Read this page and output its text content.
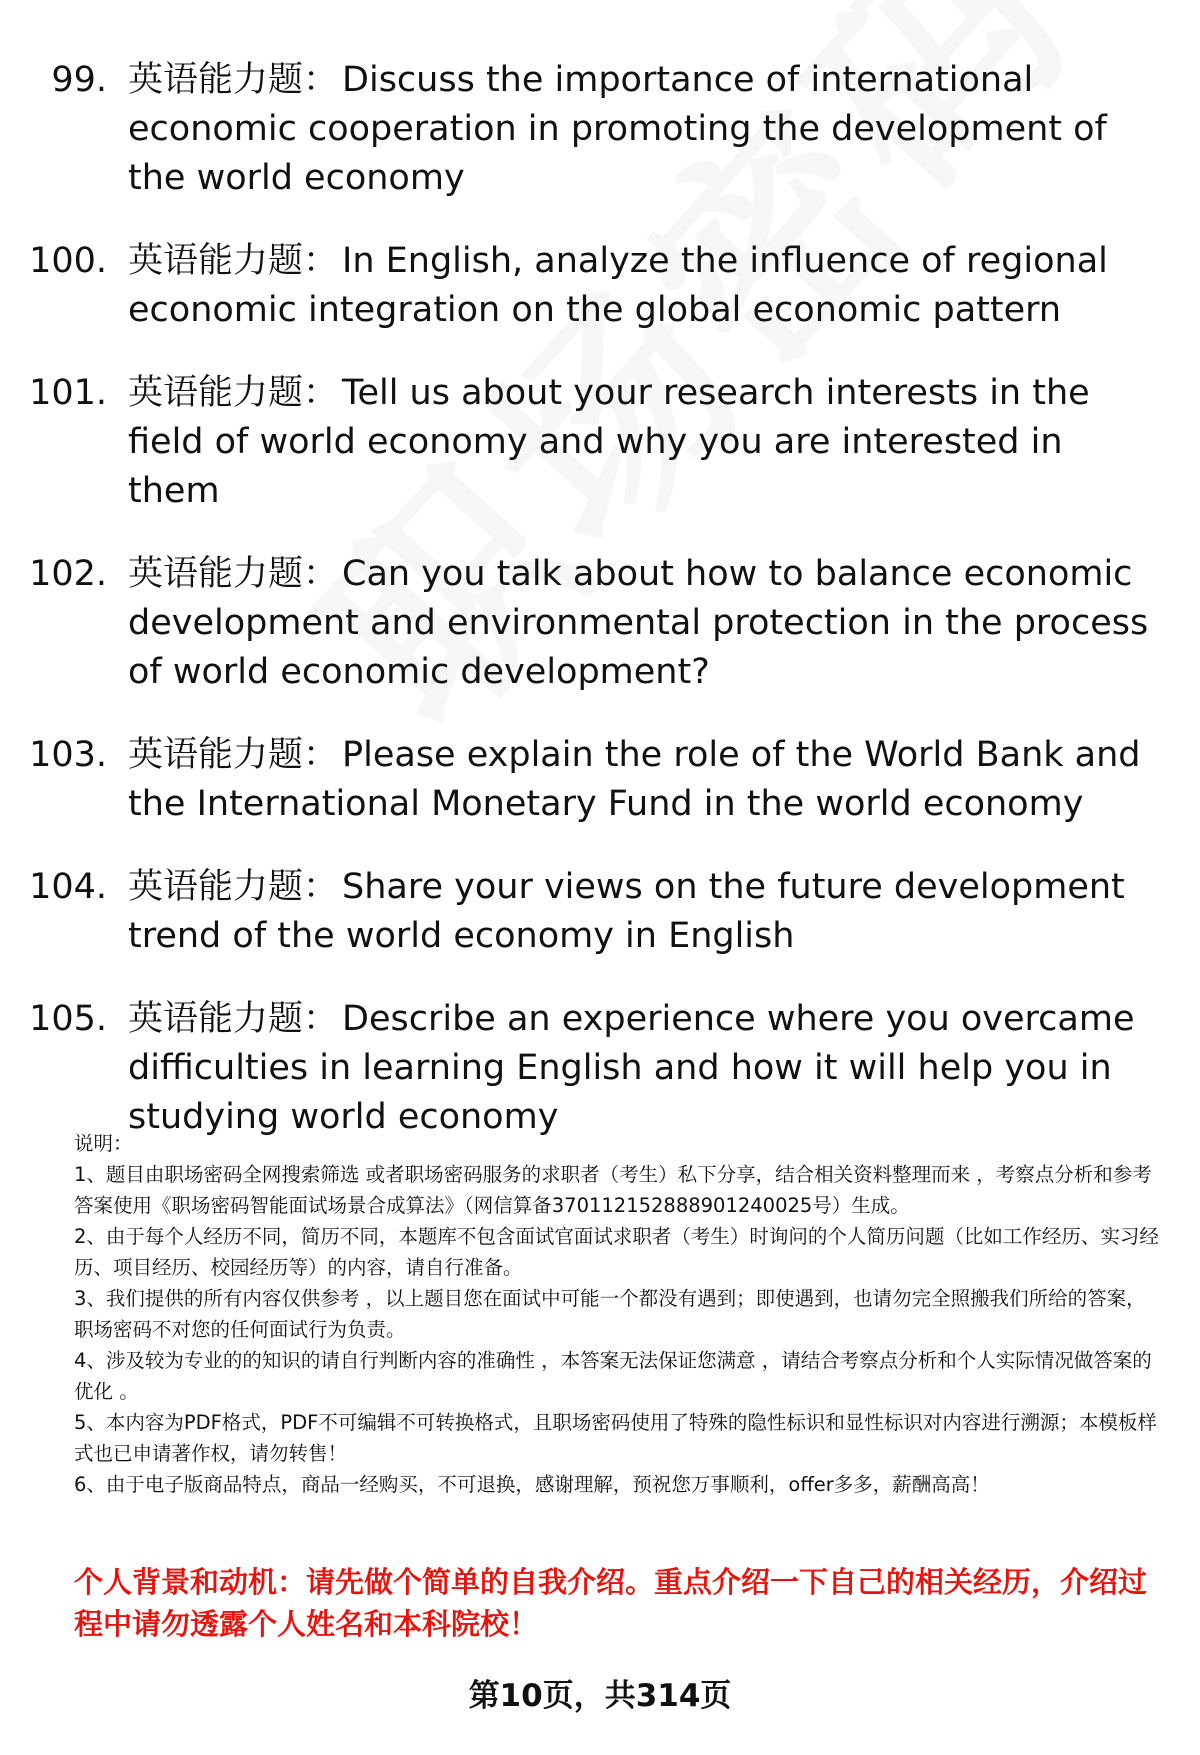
99. 英语能力题： Discuss the importance of international economic cooperation in promoting the development of the world economy
100. 英语能力题： In English, analyze the influence of regional economic integration on the global economic pattern
101. 英语能力题： Tell us about your research interests in the field of world economy and why you are interested in them
102. 英语能力题： Can you talk about how to balance economic development and environmental protection in the process of world economic development?
103. 英语能力题： Please explain the role of the World Bank and the International Monetary Fund in the world economy
104. 英语能力题： Share your views on the future development trend of the world economy in English
105. 英语能力题： Describe an experience where you overcame difficulties in learning English and how it will help you in studying world economy

说明：

1、题目由职场密码全网搜索筛选 或者职场密码服务的求职者（考生）私下分享，结合相关资料整理而来 ，考察点分析和参考答案使用《职场密码智能面试场景合成算法》（网信算备370112152888901240025号）生成。

2、由于每个人经历不同，简历不同，本题库不包含面试官面试求职者（考生）时询问的个人简历问题（比如工作经历、实习经历、项目经历、校园经历等）的内容，请自行准备。

3、我们提供的所有内容仅供参考 ，以上题目您在面试中可能一个都没有遇到；即使遇到，也请勿完全照搬我们所给的答案，职场密码不对您的任何面试行为负责。

4、涉及较为专业的的知识的请自行判断内容的准确性 ，本答案无法保证您满意 ，请结合考察点分析和个人实际情况做答案的优化 。

5、本内容为PDF格式，PDF不可编辑不可转换格式，且职场密码使用了特殊的隐性标识和显性标识对内容进行溯源；本模板样式也已申请著作权，请勿转售！

6、由于电子版商品特点，商品一经购买，不可退换，感谢理解，预祝您万事顺利，offer多多，薪酬高高！

个人背景和动机：请先做个简单的自我介绍。重点介绍一下自己的相关经历，介绍过程中请勿透露个人姓名和本科院校！
第10页，共314页
